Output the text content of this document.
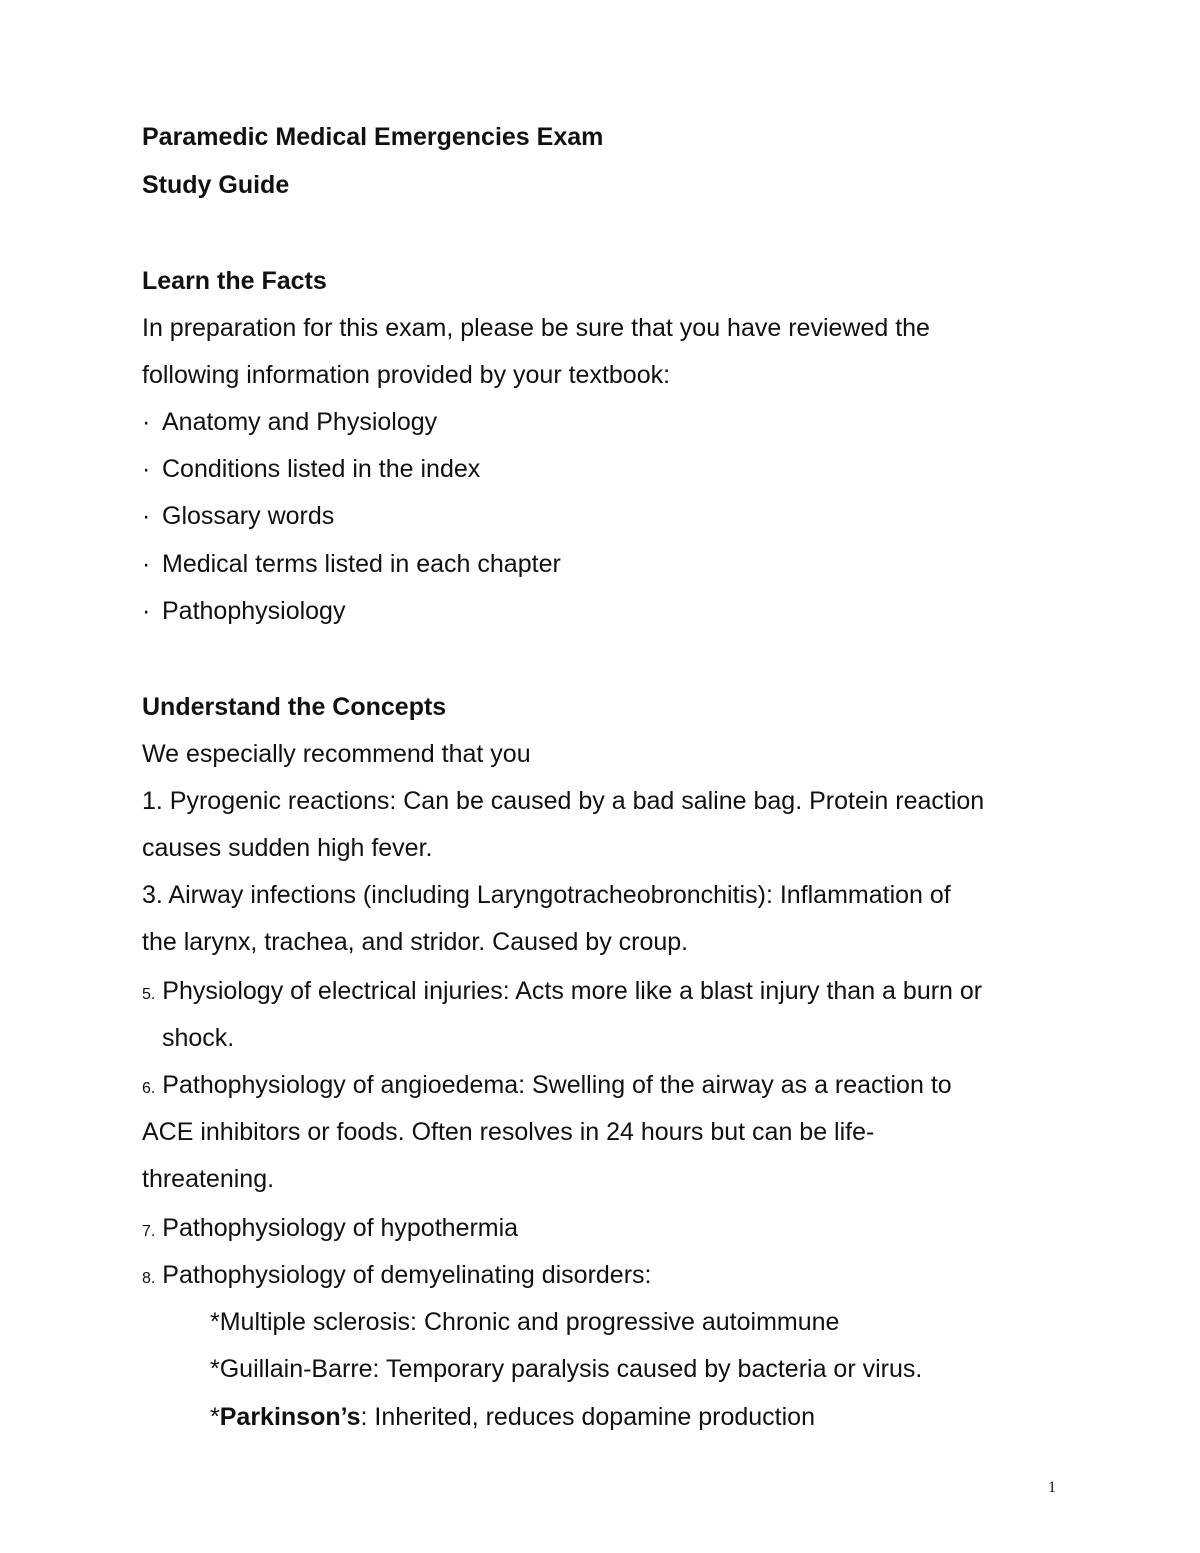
Paramedic Medical Emergencies Exam
Study Guide
Learn the Facts
In preparation for this exam, please be sure that you have reviewed the
following information provided by your textbook:
· Anatomy and Physiology
· Conditions listed in the index
· Glossary words
· Medical terms listed in each chapter
· Pathophysiology
Understand the Concepts
We especially recommend that you
1. Pyrogenic reactions: Can be caused by a bad saline bag. Protein reaction
causes sudden high fever.
3. Airway infections (including Laryngotracheobronchitis): Inflammation of
the larynx, trachea, and stridor. Caused by croup.
5. Physiology of electrical injuries: Acts more like a blast injury than a burn or
shock.
6. Pathophysiology of angioedema: Swelling of the airway as a reaction to
ACE inhibitors or foods. Often resolves in 24 hours but can be life-
threatening.
7. Pathophysiology of hypothermia
8. Pathophysiology of demyelinating disorders:
*Multiple sclerosis: Chronic and progressive autoimmune
*Guillain-Barre: Temporary paralysis caused by bacteria or virus.
*Parkinson’s: Inherited, reduces dopamine production
1
